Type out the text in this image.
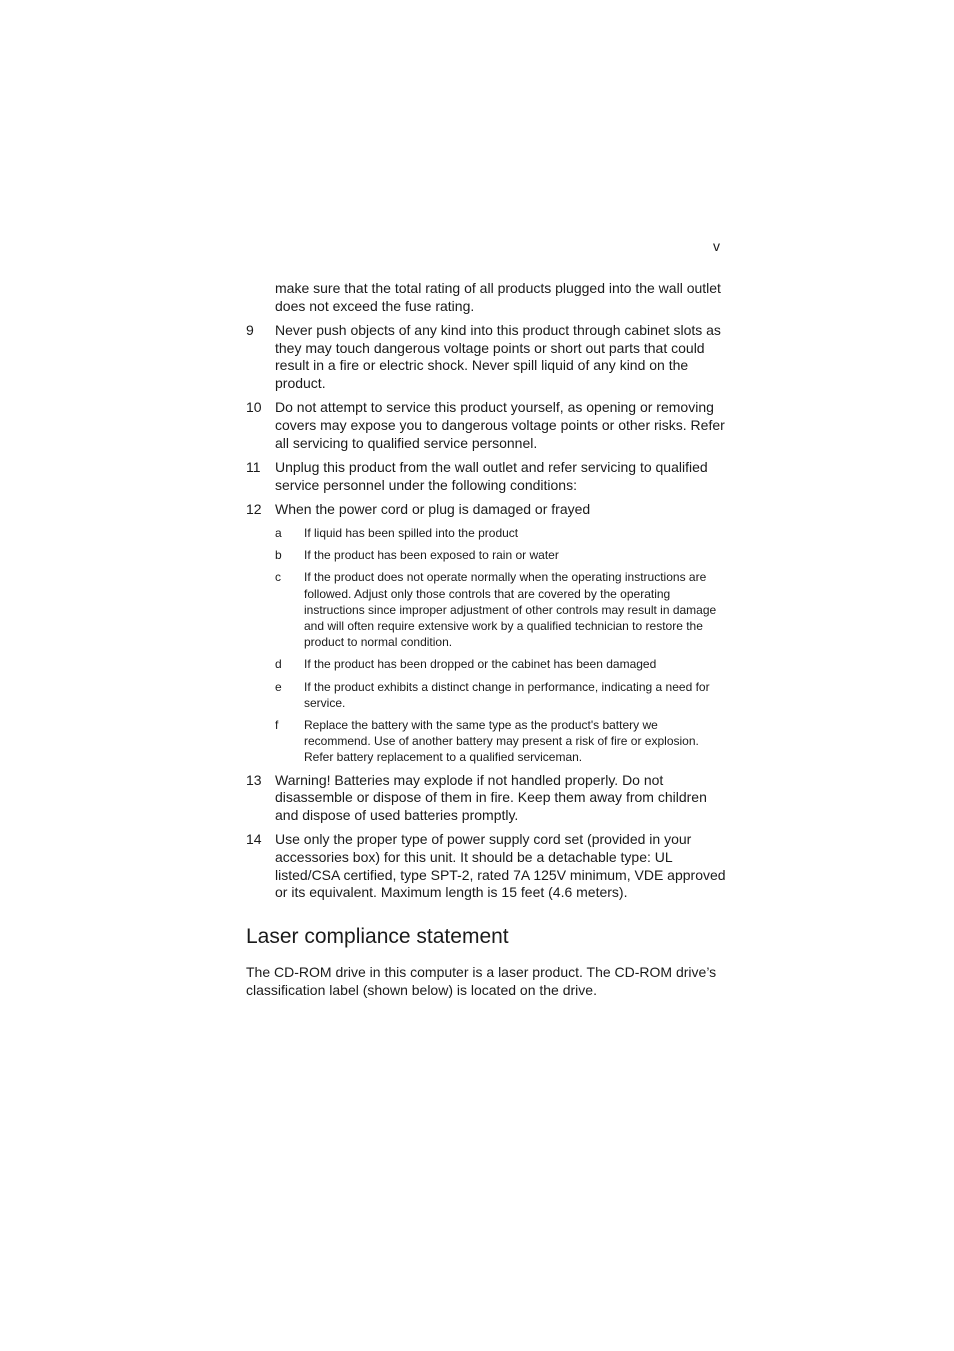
v
make sure that the total rating of all products plugged into the wall outlet does not exceed the fuse rating.
9 Never push objects of any kind into this product through cabinet slots as they may touch dangerous voltage points or short out parts that could result in a fire or electric shock. Never spill liquid of any kind on the product.
10 Do not attempt to service this product yourself, as opening or removing covers may expose you to dangerous voltage points or other risks. Refer all servicing to qualified service personnel.
11 Unplug this product from the wall outlet and refer servicing to qualified service personnel under the following conditions:
12 When the power cord or plug is damaged or frayed
a If liquid has been spilled into the product
b If the product has been exposed to rain or water
c If the product does not operate normally when the operating instructions are followed. Adjust only those controls that are covered by the operating instructions since improper adjustment of other controls may result in damage and will often require extensive work by a qualified technician to restore the product to normal condition.
d If the product has been dropped or the cabinet has been damaged
e If the product exhibits a distinct change in performance, indicating a need for service.
f Replace the battery with the same type as the product's battery we recommend. Use of another battery may present a risk of fire or explosion. Refer battery replacement to a qualified serviceman.
13 Warning! Batteries may explode if not handled properly. Do not disassemble or dispose of them in fire. Keep them away from children and dispose of used batteries promptly.
14 Use only the proper type of power supply cord set (provided in your accessories box) for this unit. It should be a detachable type: UL listed/CSA certified, type SPT-2, rated 7A 125V minimum, VDE approved or its equivalent. Maximum length is 15 feet (4.6 meters).
Laser compliance statement

The CD-ROM drive in this computer is a laser product. The CD-ROM drive’s classification label (shown below) is located on the drive.
